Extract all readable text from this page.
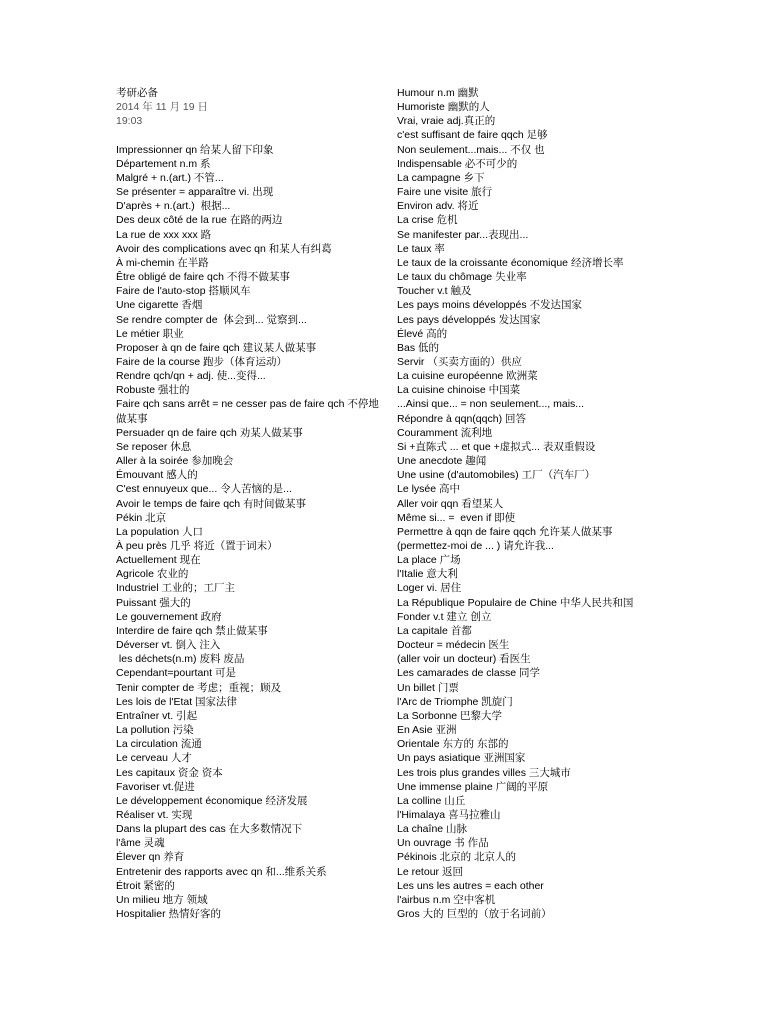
考研必备
2014 年 11 月 19 日
19:03

Impressionner qn 给某人留下印象
Département n.m 系
Malgré + n.(art.) 不管...
Se présenter = apparaître vi. 出现
D'après + n.(art.)  根据...
Des deux côté de la rue 在路的两边
La rue de xxx xxx 路
Avoir des complications avec qn 和某人有纠葛
À mi-chemin 在半路
Être obligé de faire qch 不得不做某事
Faire de l'auto-stop 搭顺风车
Une cigarette 香烟
Se rendre compter de  体会到... 觉察到...
Le métier 职业
Proposer à qn de faire qch 建议某人做某事
Faire de la course 跑步（体育运动）
Rendre qch/qn + adj. 使...变得...
Robuste 强壮的
Faire qch sans arrêt = ne cesser pas de faire qch 不停地做某事
Persuader qn de faire qch 劝某人做某事
Se reposer 休息
Aller à la soirée 参加晚会
Émouvant 感人的
C'est ennuyeux que... 令人苦恼的是...
Avoir le temps de faire qch 有时间做某事
Pékin 北京
La population 人口
À peu près 几乎 将近（置于词末）
Actuellement 现在
Agricole 农业的
Industriel 工业的；工厂主
Puissant 强大的
Le gouvernement 政府
Interdire de faire qch 禁止做某事
Déverser vt. 倒入 注入
les déchets(n.m) 废料 废品
Cependant=pourtant 可是
Tenir compter de 考虑；重视；顾及
Les lois de l'Etat 国家法律
Entraîner vt. 引起
La pollution 污染
La circulation 流通
Le cerveau 人才
Les capitaux 资金 资本
Favoriser vt.促进
Le développement économique 经济发展
Réaliser vt. 实现
Dans la plupart des cas 在大多数情况下
l'âme 灵魂
Élever qn 养育
Entretenir des rapports avec qn 和...维系关系
Étroit 紧密的
Un milieu 地方 领域
Hospitalier 热情好客的
Humour n.m 幽默
Humoriste 幽默的人
Vrai, vraie adj.真正的
c'est suffisant de faire qqch 足够
Non seulement...mais... 不仅 也
Indispensable 必不可少的
La campagne 乡下
Faire une visite 旅行
Environ adv. 将近
La crise 危机
Se manifester par...表现出...
Le taux 率
Le taux de la croissante économique 经济增长率
Le taux du chômage 失业率
Toucher v.t 触及
Les pays moins développés 不发达国家
Les pays développés 发达国家
Élevé 高的
Bas 低的
Servir （买卖方面的）供应
La cuisine européenne 欧洲菜
La cuisine chinoise 中国菜
...Ainsi que... = non seulement..., mais...
Répondre à qqn(qqch) 回答
Couramment 流利地
Si +直陈式 ... et que +虚拟式... 表双重假设
Une anecdote 趣闻
Une usine (d'automobiles) 工厂（汽车厂）
Le lysée 高中
Aller voir qqn 看望某人
Même si... =  even if 即使
Permettre à qqn de faire qqch 允许某人做某事
(permettez-moi de ... ) 请允许我...
La place 广场
l'Italie 意大利
Loger vi. 居住
La République Populaire de Chine 中华人民共和国
Fonder v.t 建立 创立
La capitale 首都
Docteur = médecin 医生
(aller voir un docteur) 看医生
Les camarades de classe 同学
Un billet 门票
l'Arc de Triomphe 凯旋门
La Sorbonne 巴黎大学
En Asie 亚洲
Orientale 东方的 东部的
Un pays asiatique 亚洲国家
Les trois plus grandes villes 三大城市
Une immense plaine 广阔的平原
La colline 山丘
l'Himalaya 喜马拉雅山
La chaîne 山脉
Un ouvrage 书 作品
Pékinois 北京的 北京人的
Le retour 返回
Les uns les autres = each other
l'airbus n.m 空中客机
Gros 大的 巨型的（放于名词前）
